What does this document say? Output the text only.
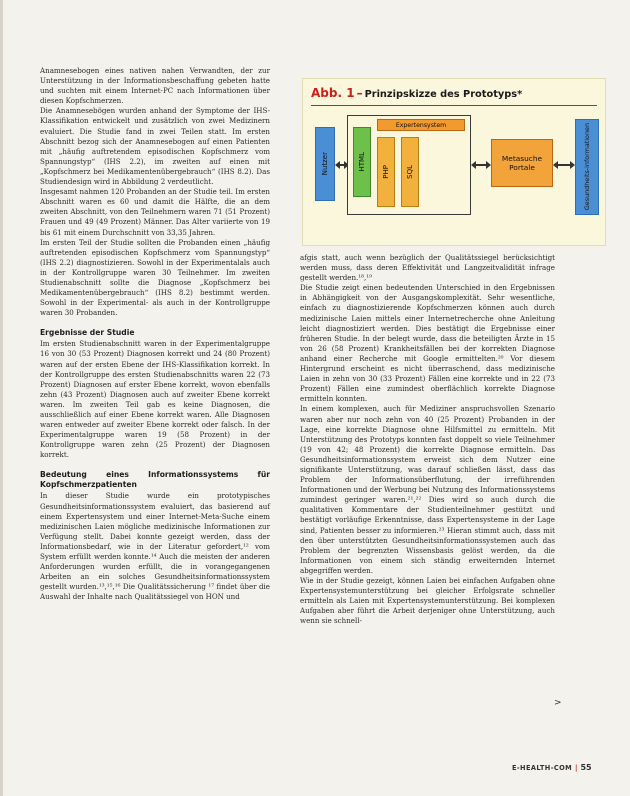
Anamnesebogen eines nativen nahen Verwandten, der zur Unterstützung in der Informationsbeschaffung gebeten hatte und suchten mit einem Internet-PC nach Informationen über diesen Kopfschmerzen.

Die Anamnesebögen wurden anhand der Symptome der IHS-Klassifikation entwickelt und zusätzlich von zwei Medizinern evaluiert. Die Studie fand in zwei Teilen statt. Im ersten Abschnitt bezog sich der Anamnesebogen auf einen Patienten mit „häufig auftretendem episodischen Kopfschmerz vom Spannungstyp“ (IHS 2.2), im zweiten auf einen mit „Kopfschmerz bei Medikamentenübergebrauch“ (IHS 8.2). Das Studiendesign wird in Abbildung 2 verdeutlicht.

Insgesamt nahmen 120 Probanden an der Studie teil. Im ersten Abschnitt waren es 60 und damit die Hälfte, die an dem zweiten Abschnitt, von den Teilnehmern waren 71 (51 Prozent) Frauen und 49 (49 Prozent) Männer. Das Alter variierte von 19 bis 61 mit einem Durchschnitt von 33,35 Jahren.

Im ersten Teil der Studie sollten die Probanden einen „häufig auftretenden episodischen Kopfschmerz vom Spannungstyp“ (IHS 2.2) diagnostizieren. Sowohl in der Experimentalals auch in der Kontrollgruppe waren 30 Teilnehmer. Im zweiten Studienabschnitt sollte die Diagnose „Kopfschmerz bei Medikamentenübergebrauch“ (IHS 8.2) bestimmt werden. Sowohl in der Experimental- als auch in der Kontrollgruppe waren 30 Probanden.

Ergebnisse der Studie

Im ersten Studienabschnitt waren in der Experimentalgruppe 16 von 30 (53 Prozent) Diagnosen korrekt und 24 (80 Prozent) waren auf der ersten Ebene der IHS-Klassifikation korrekt. In der Kontrollgruppe des ersten Studienabschnitts waren 22 (73 Prozent) Diagnosen auf erster Ebene korrekt, wovon ebenfalls zehn (43 Prozent) Diagnosen auch auf zweiter Ebene korrekt waren. Im zweiten Teil gab es keine Diagnosen, die ausschließlich auf einer Ebene korrekt waren. Alle Diagnosen waren entweder auf zweiter Ebene korrekt oder falsch. In der Experimentalgruppe waren 19 (58 Prozent) in der Kontrollgruppe waren zehn (25 Prozent) der Diagnosen korrekt.

Bedeutung eines Informationssystems für Kopfschmerzpatienten

In dieser Studie wurde ein prototypisches Gesundheitsinformationssystem evaluiert, das basierend auf einem Expertensystem und einer Internet-Meta-Suche einem medizinischen Laien mögliche medizinische Informationen zur Verfügung stellt. Dabei konnte gezeigt werden, dass der Informationsbedarf, wie in der Literatur gefordert,¹² vom System erfüllt werden konnte.¹⁴ Auch die meisten der anderen Anforderungen wurden erfüllt, die in vorangegangenen Arbeiten an ein solches Gesundheitsinformationssystem gestellt wurden.¹³,¹⁵,¹⁶ Die Qualitätssicherung ¹⁷ findet über die Auswahl der Inhalte nach Qualitätssiegel von HON und

Abb. 1 – Prinzipskizze des Prototyps*
Nutzer	HTML
Expertensystem
PHP SQL
Metasuche Portale	Gesundheits-informationen

afgis statt, auch wenn bezüglich der Qualitätssiegel berücksichtigt werden muss, dass deren Effektivität und Langzeitvalidität infrage gestellt werden.¹⁸,¹⁹

Die Studie zeigt einen bedeutenden Unterschied in den Ergebnissen in Abhängigkeit von der Ausgangskomplexität. Sehr wesentliche, einfach zu diagnostizierende Kopfschmerzen können auch durch medizinische Laien mittels einer Internetrecherche ohne Anleitung leicht diagnostiziert werden. Dies bestätigt die Ergebnisse einer früheren Studie. In der belegt wurde, dass die beteiligten Ärzte in 15 von 26 (58 Prozent) Krankheitsfällen bei der korrekten Diagnose anhand einer Recherche mit Google ermittelten.²⁰ Vor diesem Hintergrund erscheint es nicht überraschend, dass medizinische Laien in zehn von 30 (33 Prozent) Fällen eine korrekte und in 22 (73 Prozent) Fällen eine zumindest oberflächlich korrekte Diagnose ermitteln konnten.

In einem komplexen, auch für Mediziner anspruchsvollen Szenario waren aber nur noch zehn von 40 (25 Prozent) Probanden in der Lage, eine korrekte Diagnose ohne Hilfsmittel zu ermitteln. Mit Unterstützung des Prototyps konnten fast doppelt so viele Teilnehmer (19 von 42; 48 Prozent) die korrekte Diagnose ermitteln. Das Gesundheitsinformationssystem erweist sich dem Nutzer eine signifikante Unterstützung, was darauf schließen lässt, dass das Problem der Informationsüberflutung, der irreführenden Informationen und der Werbung bei Nutzung des Informationssystems zumindest geringer waren.²¹,²² Dies wird so auch durch die qualitativen Kommentare der Studienteilnehmer gestützt und bestätigt vorläufige Erkenntnisse, dass Expertensysteme in der Lage sind, Patienten besser zu informieren.²³ Hieran stimmt auch, dass mit den über unterstützten Gesundheitsinformationssystemen auch das Problem der begrenzten Wissensbasis gelöst werden, da die Informationen von einem sich ständig erweiternden Internet abgegriffen werden.

Wie in der Studie gezeigt, können Laien bei einfachen Aufgaben ohne Expertensystemunterstützung bei gleicher Erfolgsrate schneller ermitteln als Laien mit Expertensystemunterstützung. Bei komplexen Aufgaben aber führt die Arbeit derjeniger ohne Unterstützung, auch wenn sie schnell-

>
E-HEALTH-COM | 55
